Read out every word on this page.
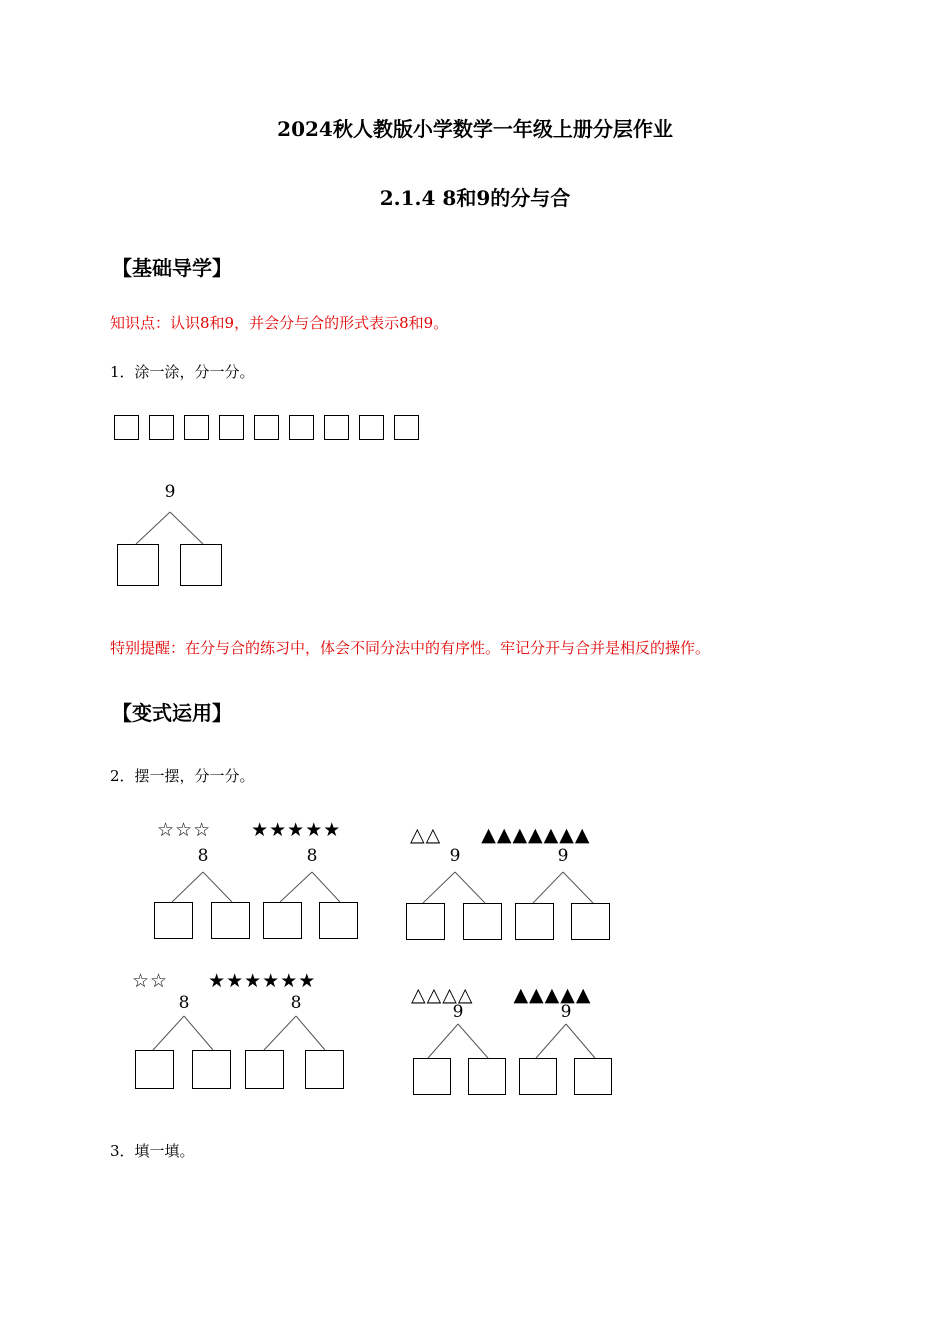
2024秋人教版小学数学一年级上册分层作业
2.1.4 8和9的分与合
【基础导学】
知识点：认识8和9，并会分与合的形式表示8和9。
1．涂一涂，分一分。
9
特别提醒：在分与合的练习中，体会不同分法中的有序性。牢记分开与合并是相反的操作。
【变式运用】
2．摆一摆，分一分。
☆☆☆　　★★★★★
8	8
△△　　▲▲▲▲▲▲▲
9	9
☆☆　　★★★★★★
8	8	△△△△　　▲▲▲▲▲
9	9
3．填一填。
